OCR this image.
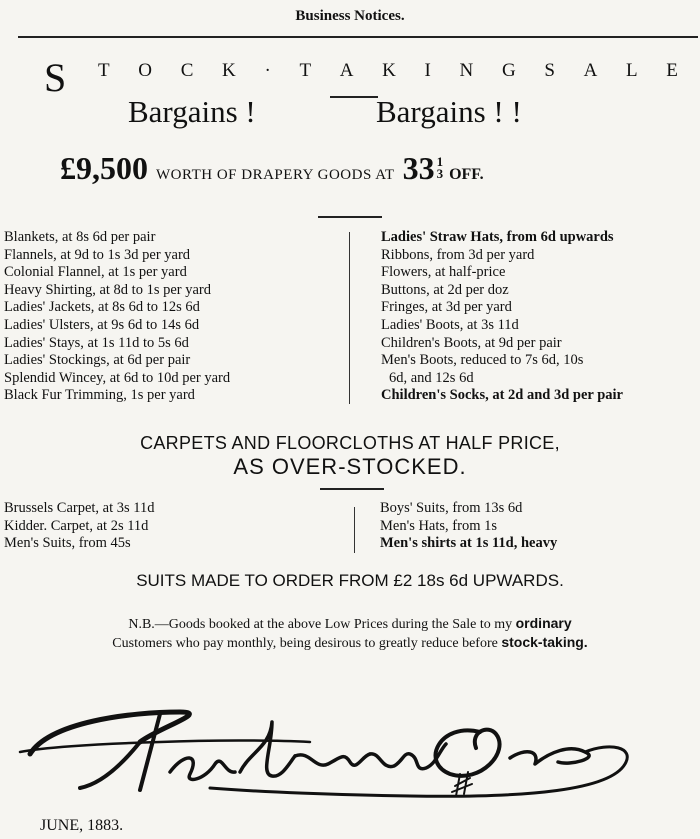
Business Notices.
S T O C K · T A K I N G S A L E
Bargains !	Bargains ! !
£9,500 WORTH OF DRAPERY GOODS AT 33 1
3 OFF.
Blankets, at 8s 6d per pair
Flannels, at 9d to 1s 3d per yard
Colonial Flannel, at 1s per yard
Heavy Shirting, at 8d to 1s per yard
Ladies' Jackets, at 8s 6d to 12s 6d
Ladies' Ulsters, at 9s 6d to 14s 6d
Ladies' Stays, at 1s 11d to 5s 6d
Ladies' Stockings, at 6d per pair
Splendid Wincey, at 6d to 10d per yard
Black Fur Trimming, 1s per yard
Ladies' Straw Hats, from 6d upwards
Ribbons, from 3d per yard
Flowers, at half-price
Buttons, at 2d per doz
Fringes, at 3d per yard
Ladies' Boots, at 3s 11d
Children's Boots, at 9d per pair
Men's Boots, reduced to 7s 6d, 10s
6d, and 12s 6d
Children's Socks, at 2d and 3d per pair
CARPETS AND FLOORCLOTHS AT HALF PRICE,
AS OVER-STOCKED.
Brussels Carpet, at 3s 11d
Kidder. Carpet, at 2s 11d
Men's Suits, from 45s
Boys' Suits, from 13s 6d
Men's Hats, from 1s
Men's shirts at 1s 11d, heavy
SUITS MADE TO ORDER FROM £2 18s 6d UPWARDS.
N.B.—Goods booked at the above Low Prices during the Sale to my ordinary
Customers who pay monthly, being desirous to greatly reduce before stock-taking.
JUNE, 1883.
